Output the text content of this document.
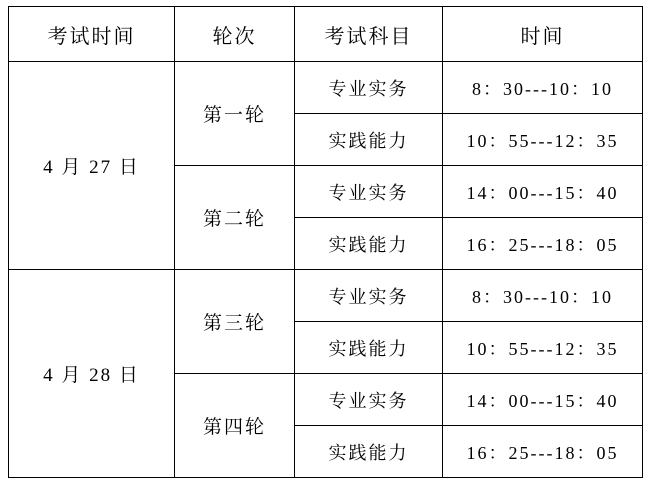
考试时间	轮次	考试科目	时间
4 月 27 日	第一轮	专业实务	8：30---10：10
		实践能力	10：55---12：35
	第二轮	专业实务	14：00---15：40
		实践能力	16：25---18：05
4 月 28 日	第三轮	专业实务	8：30---10：10
		实践能力	10：55---12：35
	第四轮	专业实务	14：00---15：40
		实践能力	16：25---18：05
